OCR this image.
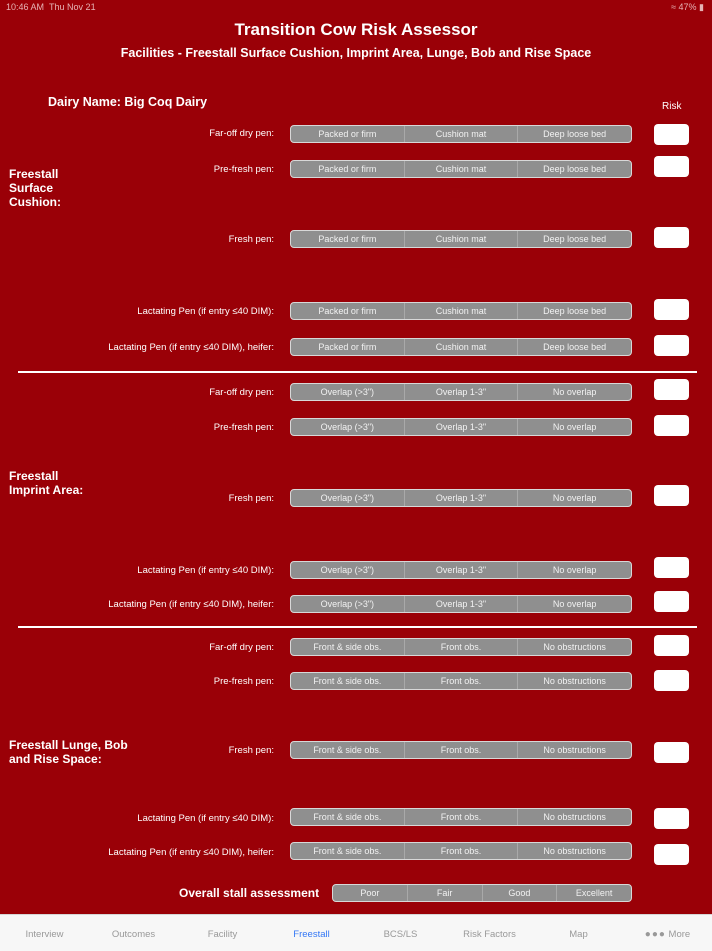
10:46 AM Thu Nov 21	≈ 47% ▮
Transition Cow Risk Assessor
Facilities - Freestall Surface Cushion, Imprint Area, Lunge, Bob and Rise Space
Dairy Name: Big Coq Dairy	Risk
Freestall
Surface
Cushion:
Far-off dry pen:	Packed or firm	Cushion mat	Deep loose bed
Pre-fresh pen:	Packed or firm	Cushion mat	Deep loose bed
Fresh pen:	Packed or firm	Cushion mat	Deep loose bed
Lactating Pen (if entry ≤40 DIM):	Packed or firm	Cushion mat	Deep loose bed
Lactating Pen (if entry ≤40 DIM), heifer:	Packed or firm	Cushion mat	Deep loose bed
Freestall
Imprint Area:
Far-off dry pen:	Overlap (>3")	Overlap 1-3"	No overlap
Pre-fresh pen:	Overlap (>3")	Overlap 1-3"	No overlap
Fresh pen:	Overlap (>3")	Overlap 1-3"	No overlap
Lactating Pen (if entry ≤40 DIM):	Overlap (>3")	Overlap 1-3"	No overlap
Lactating Pen (if entry ≤40 DIM), heifer:	Overlap (>3")	Overlap 1-3"	No overlap
Freestall Lunge, Bob
and Rise Space:
Far-off dry pen:	Front & side obs.	Front obs.	No obstructions
Pre-fresh pen:	Front & side obs.	Front obs.	No obstructions
Fresh pen:	Front & side obs.	Front obs.	No obstructions
Lactating Pen (if entry ≤40 DIM):	Front & side obs.	Front obs.	No obstructions
Lactating Pen (if entry ≤40 DIM), heifer:	Front & side obs.	Front obs.	No obstructions
Overall stall assessment	Poor	Fair	Good	Excellent
Interview	Outcomes	Facility	Freestall	BCS/LS	Risk Factors	Map	●●● More
